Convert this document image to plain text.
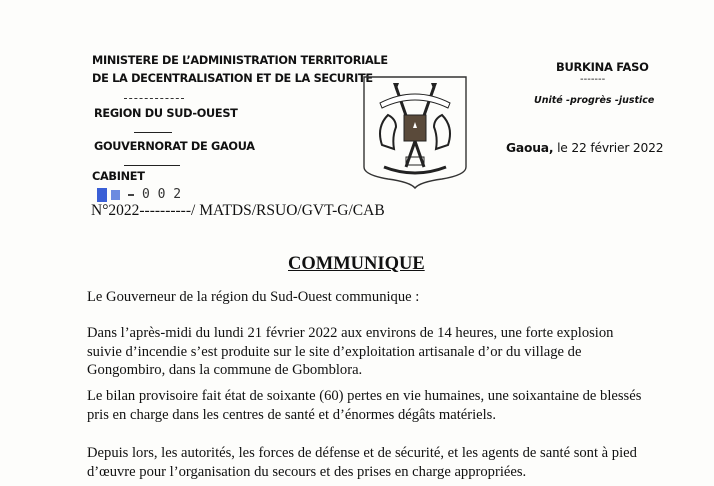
MINISTERE DE L’ADMINISTRATION TERRITORIALE
DE LA DECENTRALISATION ET DE LA SECURITE
REGION DU SUD-OUEST
GOUVERNORAT DE GAOUA
CABINET
0 0 2
N°2022----------/ MATDS/RSUO/GVT-G/CAB
BURKINA FASO
-------
Unité -progrès -justice
Gaoua, le 22 février 2022
COMMUNIQUE
Le Gouverneur de la région du Sud-Ouest communique :
Dans l’après-midi du lundi 21 février 2022 aux environs de 14 heures, une forte explosion suivie d’incendie s’est produite sur le site d’exploitation artisanale d’or du village de Gongombiro, dans la commune de Gbomblora.
Le bilan provisoire fait état de soixante (60) pertes en vie humaines, une soixantaine de blessés pris en charge dans les centres de santé et d’énormes dégâts matériels.
Depuis lors, les autorités, les forces de défense et de sécurité, et les agents de santé sont à pied d’œuvre pour l’organisation du secours et des prises en charge appropriées.
